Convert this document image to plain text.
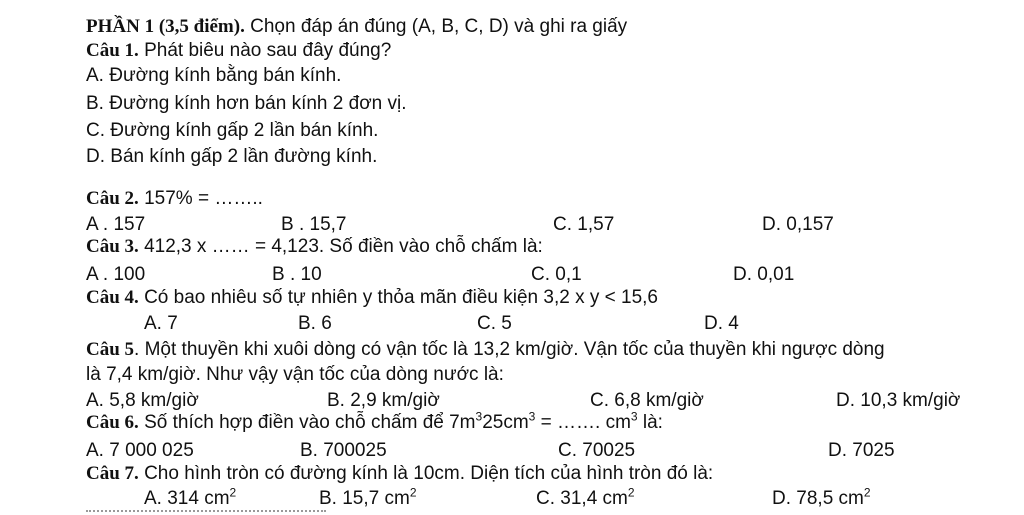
PHẦN 1 (3,5 điểm). Chọn đáp án đúng (A, B, C, D) và ghi ra giấy
Câu 1. Phát biêu nào sau đây đúng?
A. Đường kính bằng bán kính.
B. Đường kính hơn bán kính 2 đơn vị.
C. Đường kính gấp 2 lần bán kính.
D. Bán kính gấp 2 lần đường kính.
Câu 2. 157% = ……..
A . 157	B . 15,7	C. 1,57	D. 0,157
Câu 3. 412,3 x …… = 4,123. Số điền vào chỗ chấm là:
A . 100	B . 10	C. 0,1	D. 0,01
Câu 4. Có bao nhiêu số tự nhiên y thỏa mãn điều kiện 3,2 x y < 15,6
A. 7	B. 6	C. 5	D. 4
Câu 5. Một thuyền khi xuôi dòng có vận tốc là 13,2 km/giờ. Vận tốc của thuyền khi ngược dòng
là 7,4 km/giờ. Như vậy vận tốc của dòng nước là:
A. 5,8 km/giờ	B. 2,9 km/giờ	C. 6,8 km/giờ	D. 10,3 km/giờ
Câu 6. Số thích hợp điền vào chỗ chấm để $7m^325cm^3$ = ……. $cm^3$ là:
A. 7 000 025	B. 700025	C. 70025	D. 7025
Câu 7. Cho hình tròn có đường kính là 10cm. Diện tích của hình tròn đó là:
A. 314 $cm^2$	B. 15,7 $cm^2$	C. 31,4 $cm^2$	D. 78,5 $cm^2$
